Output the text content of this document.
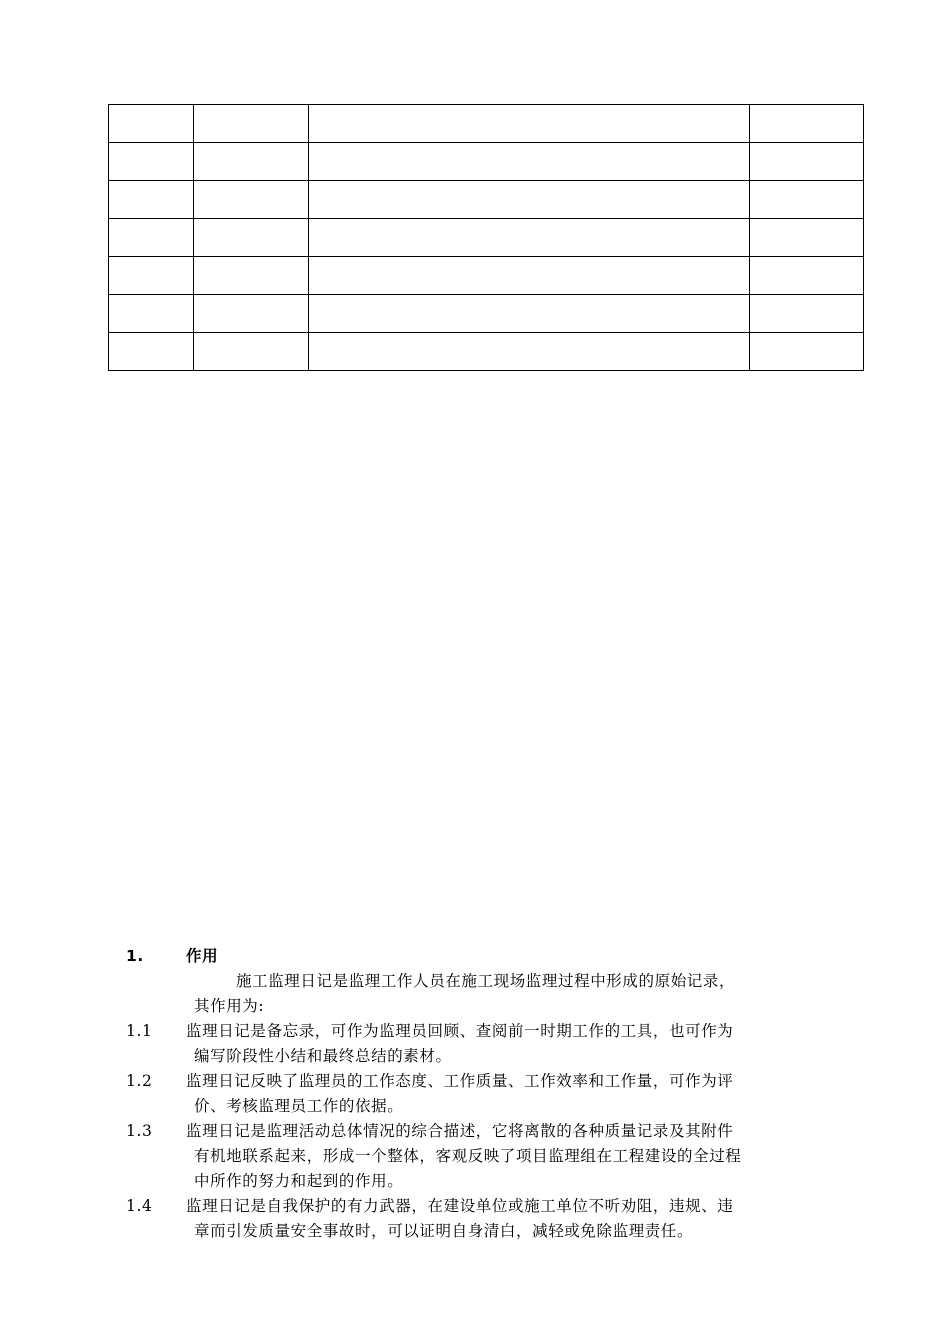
1.	作用
施工监理日记是监理工作人员在施工现场监理过程中形成的原始记录，
其作用为:
1.1	监理日记是备忘录，可作为监理员回顾、查阅前一时期工作的工具，也可作为
编写阶段性小结和最终总结的素材。
1.2	监理日记反映了监理员的工作态度、工作质量、工作效率和工作量，可作为评
价、考核监理员工作的依据。
1.3	监理日记是监理活动总体情况的综合描述，它将离散的各种质量记录及其附件
有机地联系起来，形成一个整体，客观反映了项目监理组在工程建设的全过程
中所作的努力和起到的作用。
1.4	监理日记是自我保护的有力武器，在建设单位或施工单位不听劝阻，违规、违
章而引发质量安全事故时，可以证明自身清白，减轻或免除监理责任。
